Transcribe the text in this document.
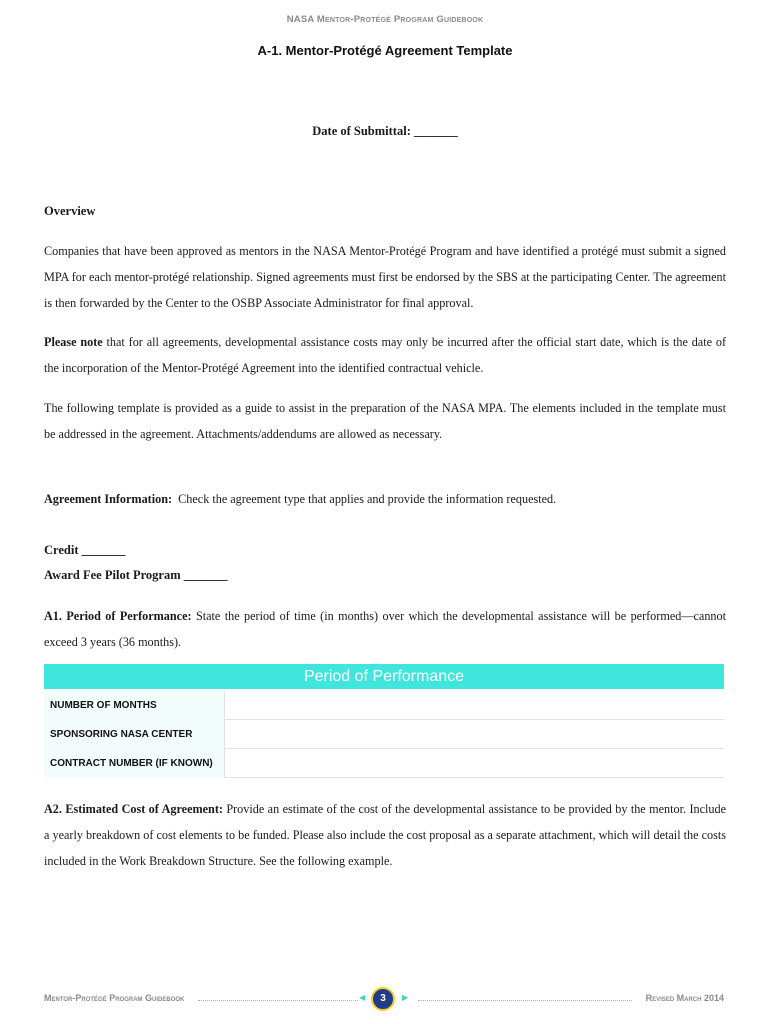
NASA Mentor-Protégé Program Guidebook
A-1. Mentor-Protégé Agreement Template
Date of Submittal: _______
Overview

Companies that have been approved as mentors in the NASA Mentor-Protégé Program and have identified a protégé must submit a signed MPA for each mentor-protégé relationship. Signed agreements must first be endorsed by the SBS at the participating Center. The agreement is then forwarded by the Center to the OSBP Associate Administrator for final approval.

Please note that for all agreements, developmental assistance costs may only be incurred after the official start date, which is the date of the incorporation of the Mentor-Protégé Agreement into the identified contractual vehicle.

The following template is provided as a guide to assist in the preparation of the NASA MPA. The elements included in the template must be addressed in the agreement. Attachments/addendums are allowed as necessary.

Agreement Information:  Check the agreement type that applies and provide the information requested.

Credit _______
Award Fee Pilot Program _______

A1. Period of Performance: State the period of time (in months) over which the developmental assistance will be performed—cannot exceed 3 years (36 months).

Period of Performance
NUMBER OF MONTHS	
SPONSORING NASA CENTER	
CONTRACT NUMBER (IF KNOWN)	

A2. Estimated Cost of Agreement: Provide an estimate of the cost of the developmental assistance to be provided by the mentor. Include a yearly breakdown of cost elements to be funded. Please also include the cost proposal as a separate attachment, which will detail the costs included in the Work Breakdown Structure. See the following example.

Mentor-Protégé Program Guidebook	◀	3	▶	Revised March 2014
